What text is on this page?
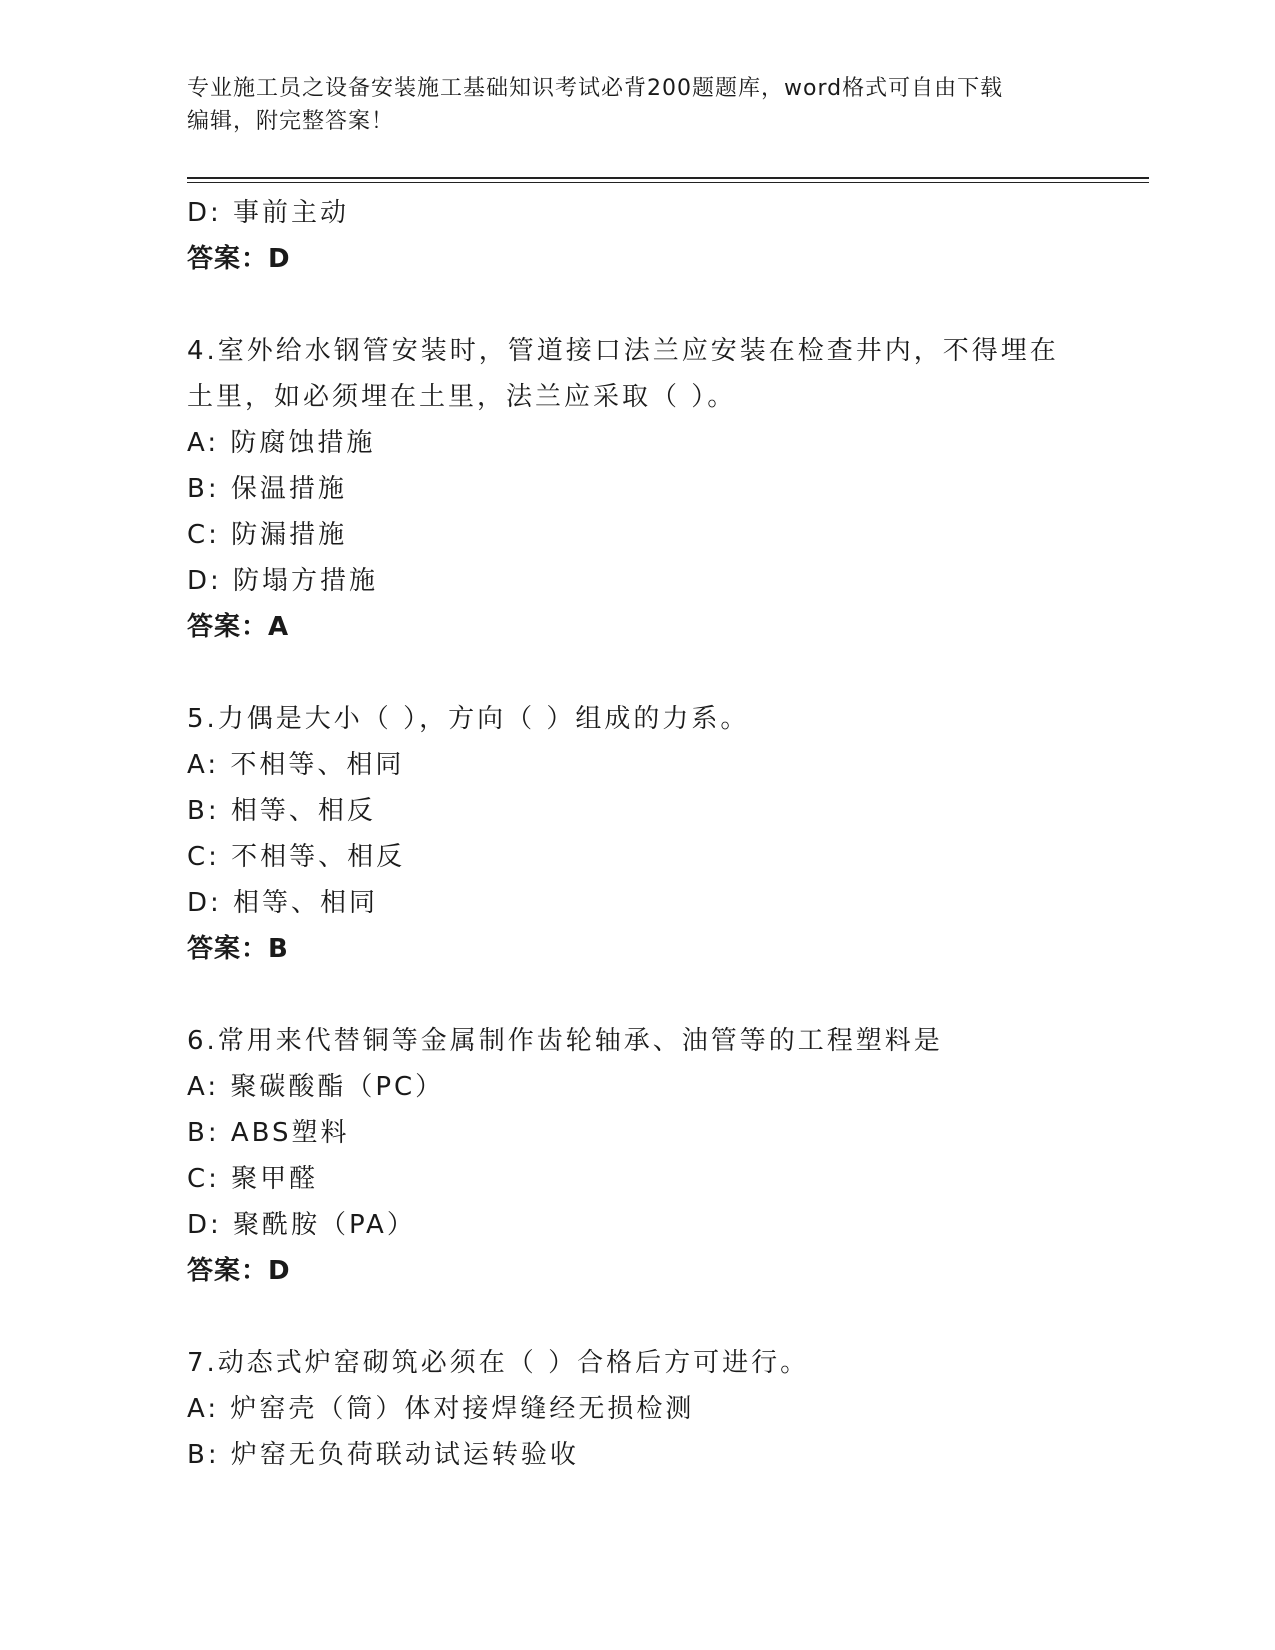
专业施工员之设备安装施工基础知识考试必背200题题库，word格式可自由下载
编辑，附完整答案！
D: 事前主动
答案：D
4.室外给水钢管安装时，管道接口法兰应安装在检查井内，不得埋在
土里，如必须埋在土里，法兰应采取（ ）。
A: 防腐蚀措施
B: 保温措施
C: 防漏措施
D: 防塌方措施
答案：A
5.力偶是大小（ ），方向（ ）组成的力系。
A: 不相等、相同
B: 相等、相反
C: 不相等、相反
D: 相等、相同
答案：B
6.常用来代替铜等金属制作齿轮轴承、油管等的工程塑料是
A: 聚碳酸酯（PC）
B: ABS塑料
C: 聚甲醛
D: 聚酰胺（PA）
答案：D
7.动态式炉窑砌筑必须在（ ）合格后方可进行。
A: 炉窑壳（筒）体对接焊缝经无损检测
B: 炉窑无负荷联动试运转验收
